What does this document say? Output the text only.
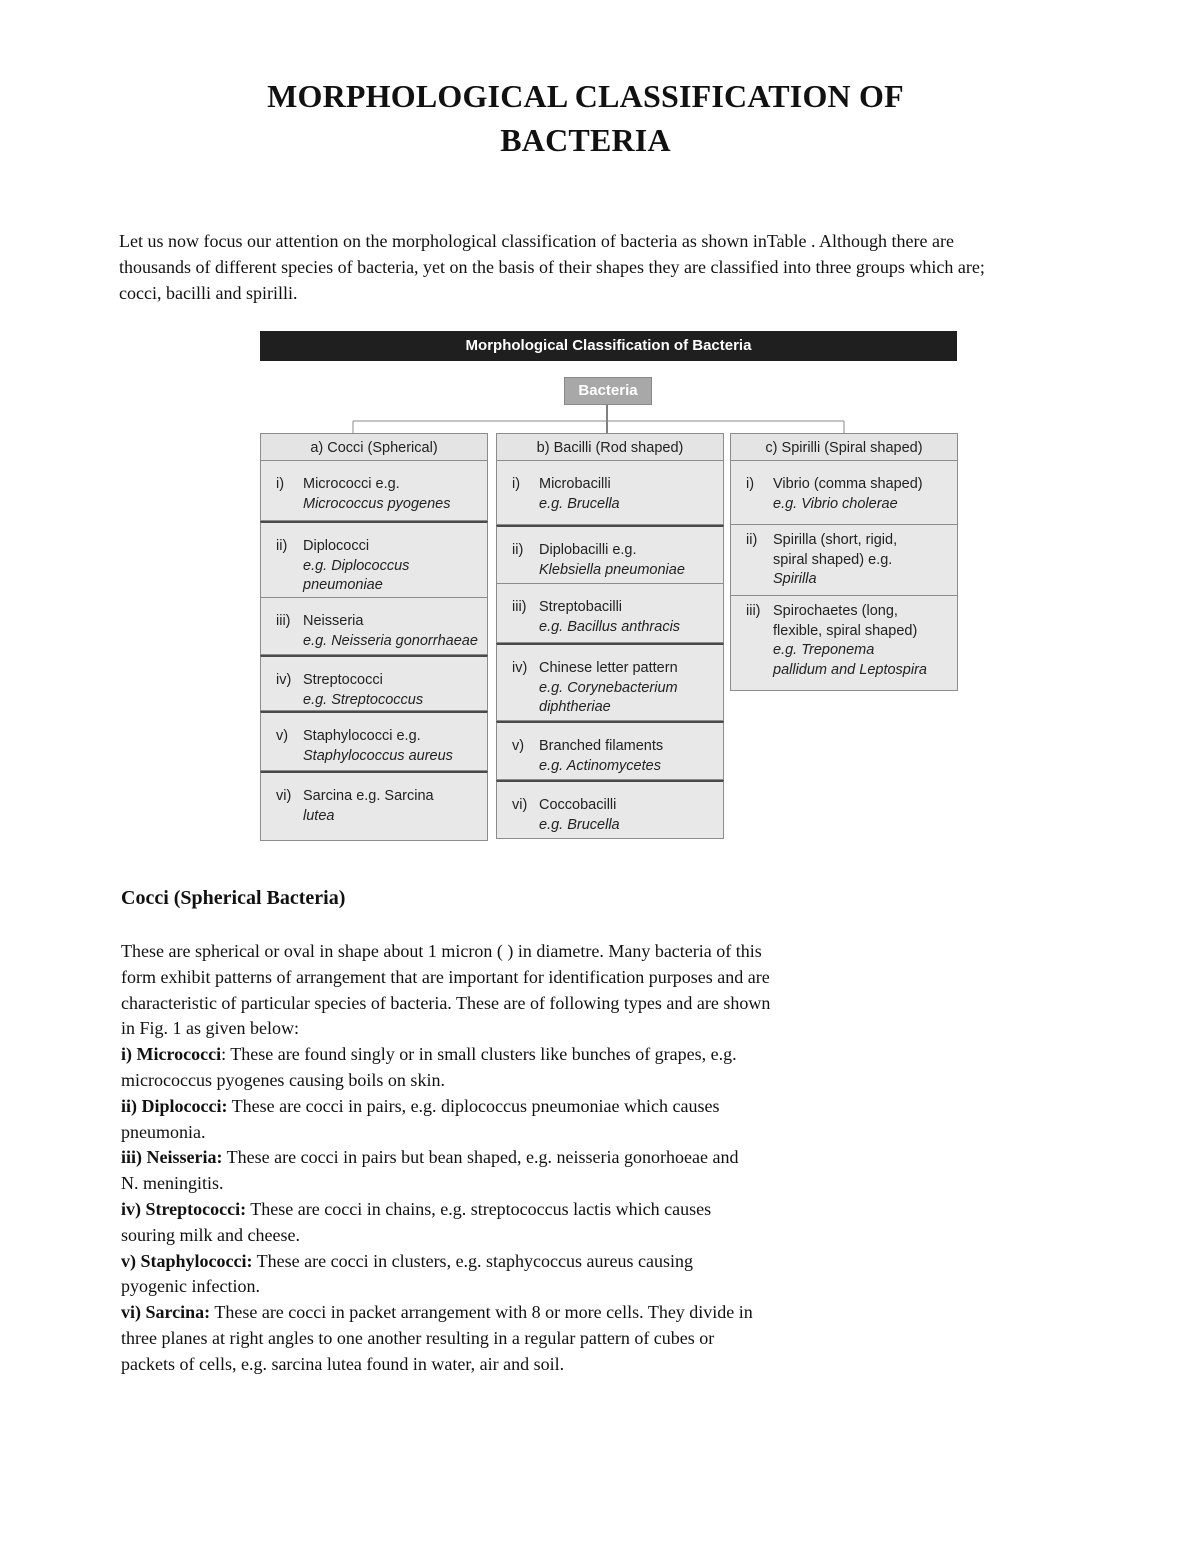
MORPHOLOGICAL CLASSIFICATION OF
BACTERIA
Let us now focus our attention on the morphological classification of bacteria as shown inTable . Although there are
thousands of different species of bacteria, yet on the basis of their shapes they are classified into three groups which are;
cocci, bacilli and spirilli.
Morphological Classification of Bacteria
Bacteria
a) Cocci (Spherical)
i) Micrococci e.g.
Micrococcus pyogenes
ii) Diplococci
e.g. Diplococcus
pneumoniae
iii) Neisseria
e.g. Neisseria gonorrhaeae
iv) Streptococci
e.g. Streptococcus
v) Staphylococci e.g.
Staphylococcus aureus
vi) Sarcina e.g. Sarcina
lutea
b) Bacilli (Rod shaped)
i) Microbacilli
e.g. Brucella
ii) Diplobacilli e.g.
Klebsiella pneumoniae
iii) Streptobacilli
e.g. Bacillus anthracis
iv) Chinese letter pattern
e.g. Corynebacterium
diphtheriae
v) Branched filaments
e.g. Actinomycetes
vi) Coccobacilli
e.g. Brucella
c) Spirilli (Spiral shaped)
i) Vibrio (comma shaped)
e.g. Vibrio cholerae
ii) Spirilla (short, rigid,
spiral shaped) e.g.
Spirilla
iii) Spirochaetes (long,
flexible, spiral shaped)
e.g. Treponema
pallidum and Leptospira
Cocci (Spherical Bacteria)
These are spherical or oval in shape about 1 micron ( ) in diametre. Many bacteria of this
form exhibit patterns of arrangement that are important for identification purposes and are
characteristic of particular species of bacteria. These are of following types and are shown
in Fig. 1 as given below:
i) Micrococci: These are found singly or in small clusters like bunches of grapes, e.g.
micrococcus pyogenes causing boils on skin.
ii) Diplococci: These are cocci in pairs, e.g. diplococcus pneumoniae which causes
pneumonia.
iii) Neisseria: These are cocci in pairs but bean shaped, e.g. neisseria gonorhoeae and
N. meningitis.
iv) Streptococci: These are cocci in chains, e.g. streptococcus lactis which causes
souring milk and cheese.
v) Staphylococci: These are cocci in clusters, e.g. staphycoccus aureus causing
pyogenic infection.
vi) Sarcina: These are cocci in packet arrangement with 8 or more cells. They divide in
three planes at right angles to one another resulting in a regular pattern of cubes or
packets of cells, e.g. sarcina lutea found in water, air and soil.
